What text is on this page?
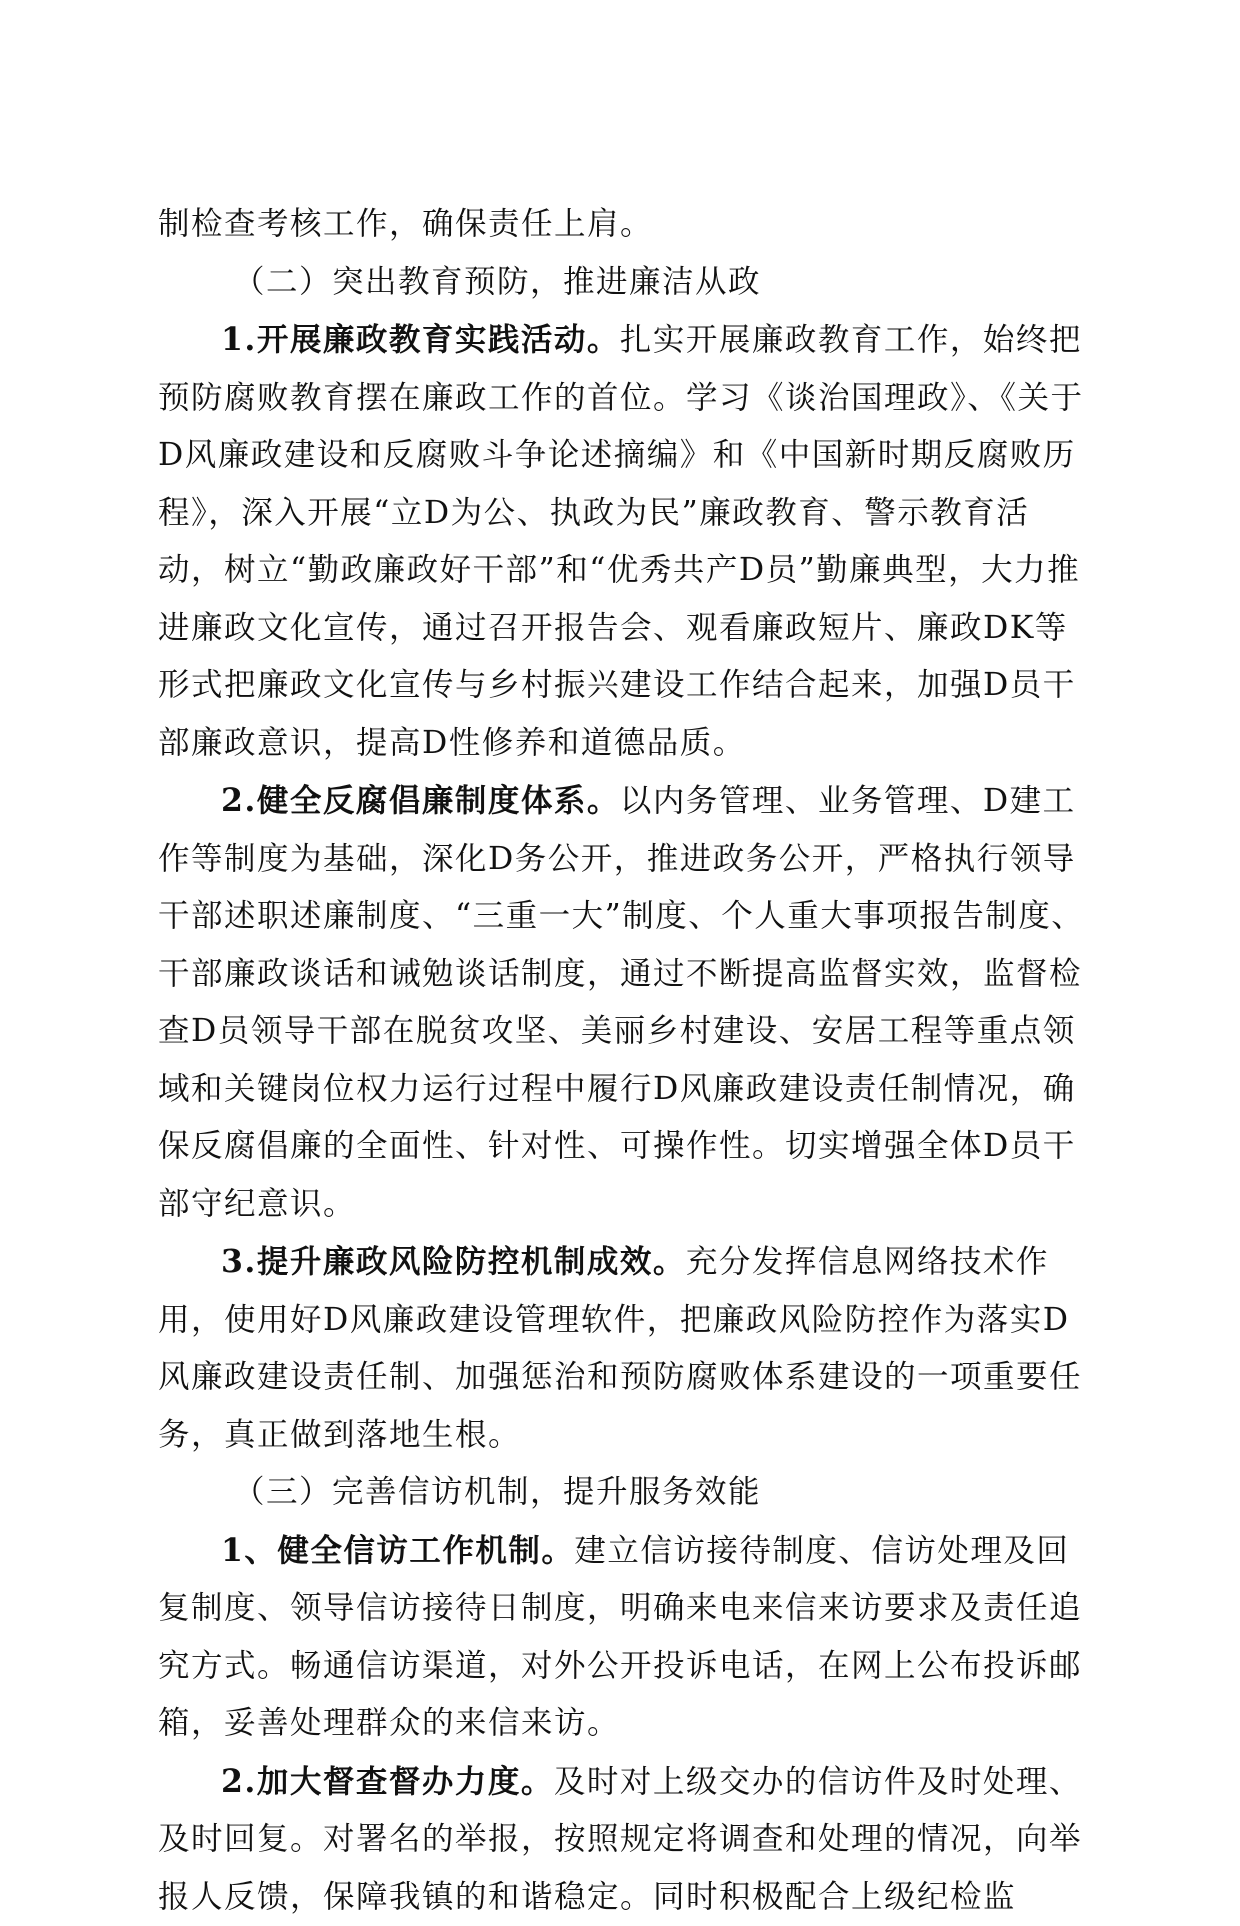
制检查考核工作，确保责任上肩。

（二）突出教育预防，推进廉洁从政

1.开展廉政教育实践活动。扎实开展廉政教育工作，始终把预防腐败教育摆在廉政工作的首位。学习《谈治国理政》、《关于D风廉政建设和反腐败斗争论述摘编》和《中国新时期反腐败历程》，深入开展“立D为公、执政为民”廉政教育、警示教育活动，树立“勤政廉政好干部”和“优秀共产D员”勤廉典型，大力推进廉政文化宣传，通过召开报告会、观看廉政短片、廉政DK等形式把廉政文化宣传与乡村振兴建设工作结合起来，加强D员干部廉政意识，提高D性修养和道德品质。

2.健全反腐倡廉制度体系。以内务管理、业务管理、D建工作等制度为基础，深化D务公开，推进政务公开，严格执行领导干部述职述廉制度、“三重一大”制度、个人重大事项报告制度、干部廉政谈话和诫勉谈话制度，通过不断提高监督实效，监督检查D员领导干部在脱贫攻坚、美丽乡村建设、安居工程等重点领域和关键岗位权力运行过程中履行D风廉政建设责任制情况，确保反腐倡廉的全面性、针对性、可操作性。切实增强全体D员干部守纪意识。

3.提升廉政风险防控机制成效。充分发挥信息网络技术作用，使用好D风廉政建设管理软件，把廉政风险防控作为落实D风廉政建设责任制、加强惩治和预防腐败体系建设的一项重要任务，真正做到落地生根。

（三）完善信访机制，提升服务效能

1、健全信访工作机制。建立信访接待制度、信访处理及回复制度、领导信访接待日制度，明确来电来信来访要求及责任追究方式。畅通信访渠道，对外公开投诉电话，在网上公布投诉邮箱，妥善处理群众的来信来访。

2.加大督查督办力度。及时对上级交办的信访件及时处理、及时回复。对署名的举报，按照规定将调查和处理的情况，向举报人反馈，保障我镇的和谐稳定。同时积极配合上级纪检监
